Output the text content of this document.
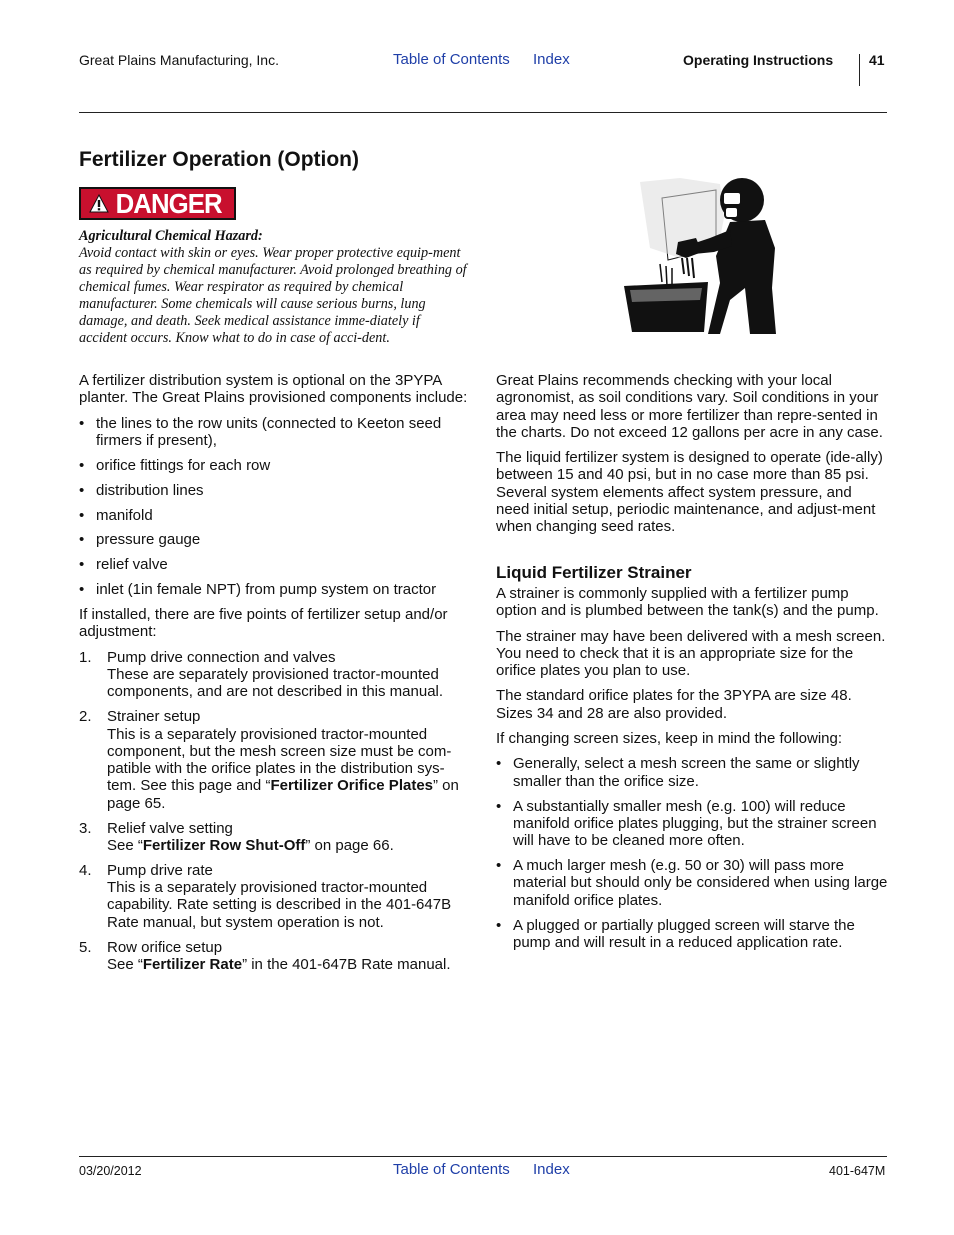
Great Plains Manufacturing, Inc.	Table of Contents Index	Operating Instructions	41
Fertilizer Operation (Option)
DANGER
Agricultural Chemical Hazard:
Avoid contact with skin or eyes. Wear proper protective equip-ment as required by chemical manufacturer. Avoid prolonged breathing of chemical fumes. Wear respirator as required by chemical manufacturer. Some chemicals will cause serious burns, lung damage, and death. Seek medical assistance imme-diately if accident occurs. Know what to do in case of acci-dent.

A fertilizer distribution system is optional on the 3PYPA planter. The Great Plains provisioned components include:

• the lines to the row units (connected to Keeton seed firmers if present),
• orifice fittings for each row
• distribution lines
• manifold
• pressure gauge
• relief valve
• inlet (1in female NPT) from pump system on tractor

If installed, there are five points of fertilizer setup and/or adjustment:

1. Pump drive connection and valves
These are separately provisioned tractor-mounted components, and are not described in this manual.
2. Strainer setup
This is a separately provisioned tractor-mounted component, but the mesh screen size must be com-patible with the orifice plates in the distribution sys-tem. See this page and “Fertilizer Orifice Plates” on page 65.
3. Relief valve setting
See “Fertilizer Row Shut-Off” on page 66.
4. Pump drive rate
This is a separately provisioned tractor-mounted capability. Rate setting is described in the 401-647B Rate manual, but system operation is not.
5. Row orifice setup
See “Fertilizer Rate” in the 401-647B Rate manual.

Great Plains recommends checking with your local agronomist, as soil conditions vary. Soil conditions in your area may need less or more fertilizer than repre-sented in the charts. Do not exceed 12 gallons per acre in any case.

The liquid fertilizer system is designed to operate (ide-ally) between 15 and 40 psi, but in no case more than 85 psi. Several system elements affect system pressure, and need initial setup, periodic maintenance, and adjust-ment when changing seed rates.

Liquid Fertilizer Strainer

A strainer is commonly supplied with a fertilizer pump option and is plumbed between the tank(s) and the pump.

The strainer may have been delivered with a mesh screen. You need to check that it is an appropriate size for the orifice plates you plan to use.

The standard orifice plates for the 3PYPA are size 48. Sizes 34 and 28 are also provided.

If changing screen sizes, keep in mind the following:

• Generally, select a mesh screen the same or slightly smaller than the orifice size.
• A substantially smaller mesh (e.g. 100) will reduce manifold orifice plates plugging, but the strainer screen will have to be cleaned more often.
• A much larger mesh (e.g. 50 or 30) will pass more material but should only be considered when using large manifold orifice plates.
• A plugged or partially plugged screen will starve the pump and will result in a reduced application rate.
03/20/2012	Table of Contents Index	401-647M
